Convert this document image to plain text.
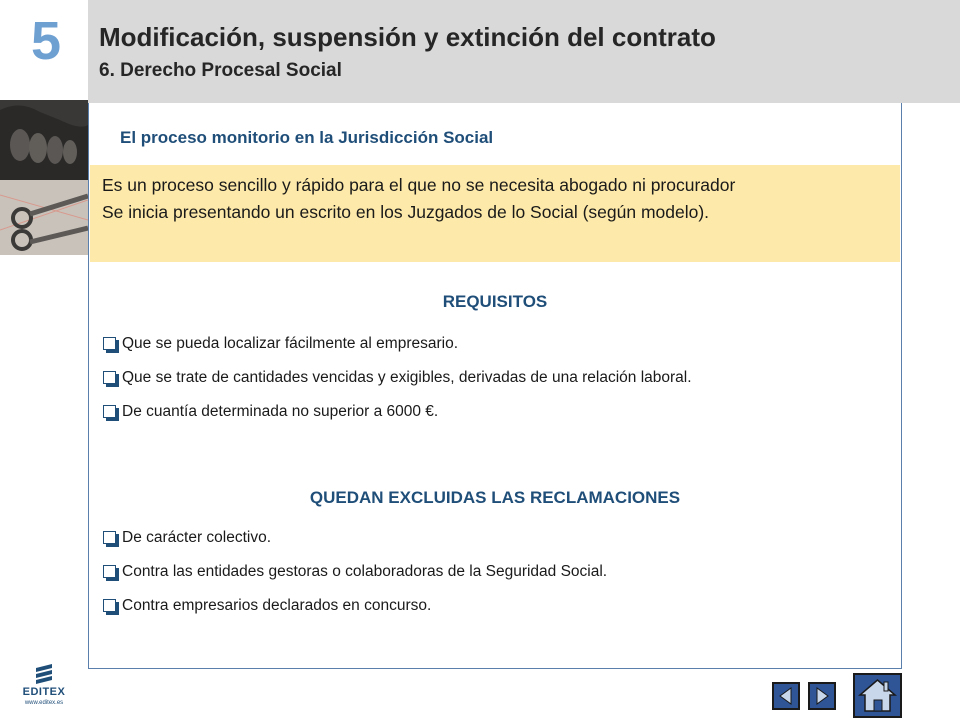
5	Modificación, suspensión y extinción del contrato
6. Derecho Procesal Social
El proceso monitorio en la Jurisdicción Social
Es un proceso sencillo y rápido para el que no se necesita abogado ni procurador
Se inicia presentando un escrito en los Juzgados de lo Social (según modelo).
REQUISITOS
Que se pueda localizar fácilmente al empresario.
Que se trate de cantidades vencidas y exigibles, derivadas de una relación laboral.
De cuantía determinada no superior a 6000 €.
QUEDAN EXCLUIDAS LAS RECLAMACIONES
De carácter colectivo.
Contra las entidades gestoras o colaboradoras de la Seguridad Social.
Contra empresarios declarados en concurso.
EDITEX
www.editex.es
